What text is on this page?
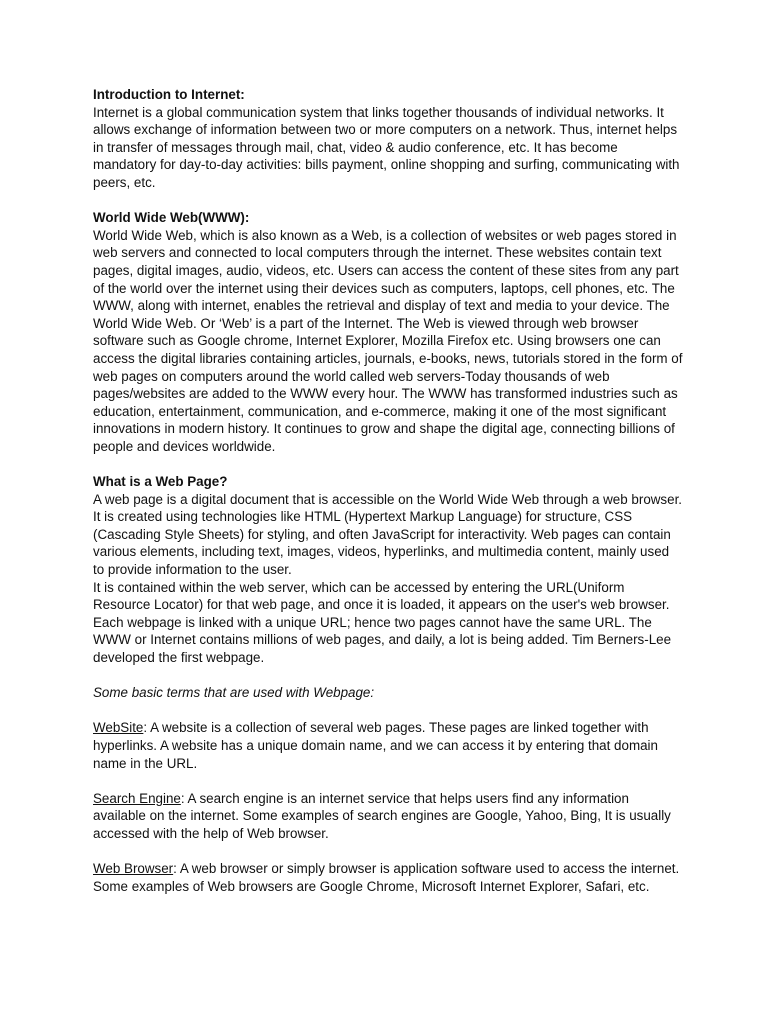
Introduction to Internet:

Internet is a global communication system that links together thousands of individual networks. It allows exchange of information between two or more computers on a network. Thus, internet helps in transfer of messages through mail, chat, video & audio conference, etc. It has become mandatory for day-to-day activities: bills payment, online shopping and surfing, communicating with peers, etc.

World Wide Web(WWW):

World Wide Web, which is also known as a Web, is a collection of websites or web pages stored in web servers and connected to local computers through the internet. These websites contain text pages, digital images, audio, videos, etc. Users can access the content of these sites from any part of the world over the internet using their devices such as computers, laptops, cell phones, etc. The WWW, along with internet, enables the retrieval and display of text and media to your device. The World Wide Web. Or ‘Web’ is a part of the Internet. The Web is viewed through web browser software such as Google chrome, Internet Explorer, Mozilla Firefox etc. Using browsers one can access the digital libraries containing articles, journals, e-books, news, tutorials stored in the form of web pages on computers around the world called web servers-Today thousands of web pages/websites are added to the WWW every hour. The WWW has transformed industries such as education, entertainment, communication, and e-commerce, making it one of the most significant innovations in modern history. It continues to grow and shape the digital age, connecting billions of people and devices worldwide.

What is a Web Page?

A web page is a digital document that is accessible on the World Wide Web through a web browser. It is created using technologies like HTML (Hypertext Markup Language) for structure, CSS (Cascading Style Sheets) for styling, and often JavaScript for interactivity. Web pages can contain various elements, including text, images, videos, hyperlinks, and multimedia content, mainly used to provide information to the user.

It is contained within the web server, which can be accessed by entering the URL(Uniform Resource Locator) for that web page, and once it is loaded, it appears on the user's web browser. Each webpage is linked with a unique URL; hence two pages cannot have the same URL. The WWW or Internet contains millions of web pages, and daily, a lot is being added. Tim Berners-Lee developed the first webpage.

Some basic terms that are used with Webpage:

WebSite: A website is a collection of several web pages. These pages are linked together with hyperlinks. A website has a unique domain name, and we can access it by entering that domain name in the URL.

Search Engine: A search engine is an internet service that helps users find any information available on the internet. Some examples of search engines are Google, Yahoo, Bing, It is usually accessed with the help of Web browser.

Web Browser: A web browser or simply browser is application software used to access the internet. Some examples of Web browsers are Google Chrome, Microsoft Internet Explorer, Safari, etc.
